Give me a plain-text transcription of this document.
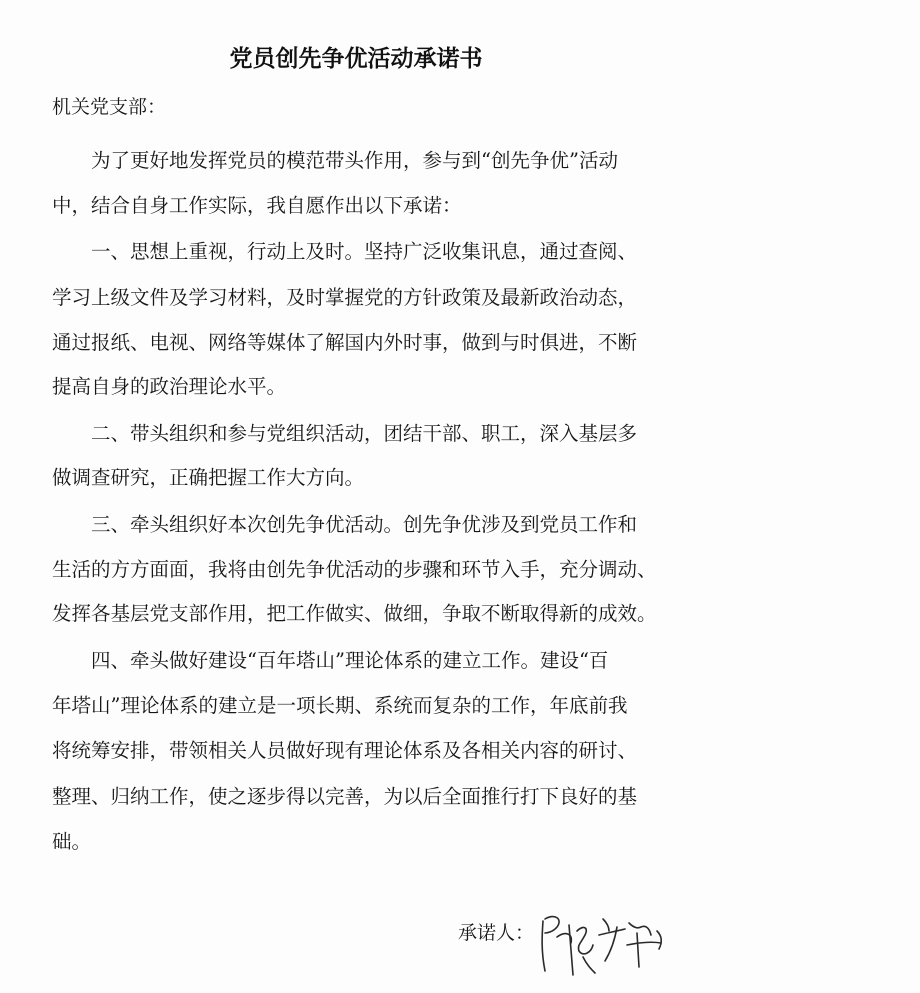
党员创先争优活动承诺书
机关党支部：
　　为了更好地发挥党员的模范带头作用，参与到“创先争优”活动
中，结合自身工作实际，我自愿作出以下承诺：
　　一、思想上重视，行动上及时。坚持广泛收集讯息，通过查阅、
学习上级文件及学习材料，及时掌握党的方针政策及最新政治动态，
通过报纸、电视、网络等媒体了解国内外时事，做到与时俱进，不断
提高自身的政治理论水平。
　　二、带头组织和参与党组织活动，团结干部、职工，深入基层多
做调查研究，正确把握工作大方向。
　　三、牵头组织好本次创先争优活动。创先争优涉及到党员工作和
生活的方方面面，我将由创先争优活动的步骤和环节入手，充分调动、
发挥各基层党支部作用，把工作做实、做细，争取不断取得新的成效。
　　四、牵头做好建设“百年塔山”理论体系的建立工作。建设“百
年塔山”理论体系的建立是一项长期、系统而复杂的工作，年底前我
将统筹安排，带领相关人员做好现有理论体系及各相关内容的研讨、
整理、归纳工作，使之逐步得以完善，为以后全面推行打下良好的基
础。
承诺人：
